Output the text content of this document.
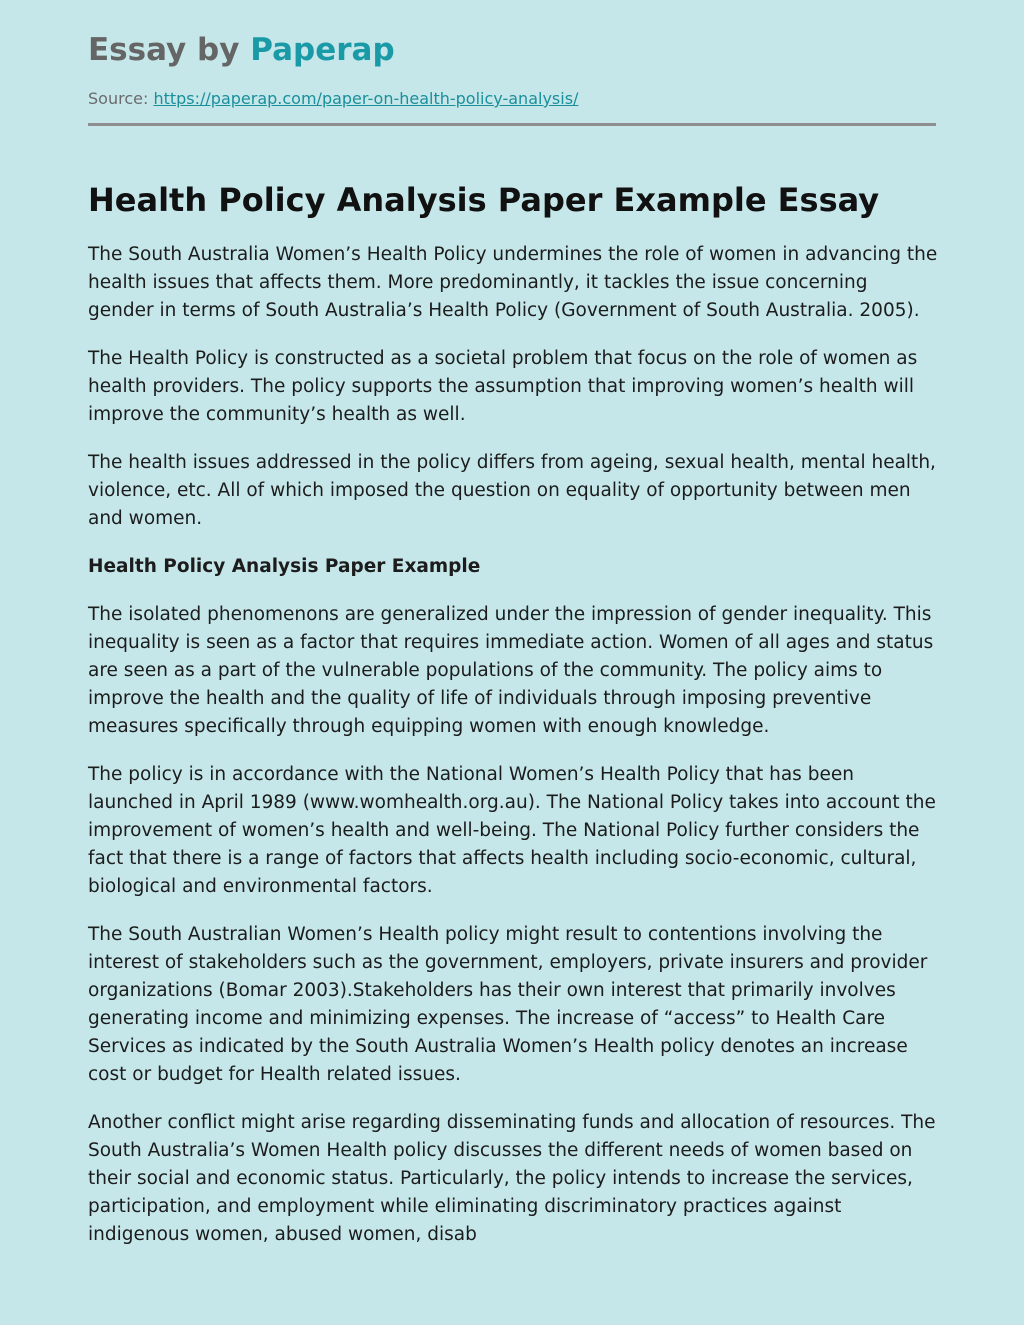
Essay by Paperap
Source: https://paperap.com/paper-on-health-policy-analysis/
Health Policy Analysis Paper Example Essay

The South Australia Women’s Health Policy undermines the role of women in advancing the health issues that affects them. More predominantly, it tackles the issue concerning gender in terms of South Australia’s Health Policy (Government of South Australia. 2005).

The Health Policy is constructed as a societal problem that focus on the role of women as health providers. The policy supports the assumption that improving women’s health will improve the community’s health as well.

The health issues addressed in the policy differs from ageing, sexual health, mental health, violence, etc. All of which imposed the question on equality of opportunity between men and women.

Health Policy Analysis Paper Example

The isolated phenomenons are generalized under the impression of gender inequality. This inequality is seen as a factor that requires immediate action. Women of all ages and status are seen as a part of the vulnerable populations of the community. The policy aims to improve the health and the quality of life of individuals through imposing preventive measures specifically through equipping women with enough knowledge.

The policy is in accordance with the National Women’s Health Policy that has been launched in April 1989 (www.womhealth.org.au). The National Policy takes into account the improvement of women’s health and well-being. The National Policy further considers the fact that there is a range of factors that affects health including socio-economic, cultural, biological and environmental factors.

The South Australian Women’s Health policy might result to contentions involving the interest of stakeholders such as the government, employers, private insurers and provider organizations (Bomar 2003).Stakeholders has their own interest that primarily involves generating income and minimizing expenses. The increase of “access” to Health Care Services as indicated by the South Australia Women’s Health policy denotes an increase cost or budget for Health related issues.

Another conflict might arise regarding disseminating funds and allocation of resources. The South Australia’s Women Health policy discusses the different needs of women based on their social and economic status. Particularly, the policy intends to increase the services, participation, and employment while eliminating discriminatory practices against indigenous women, abused women, disab
